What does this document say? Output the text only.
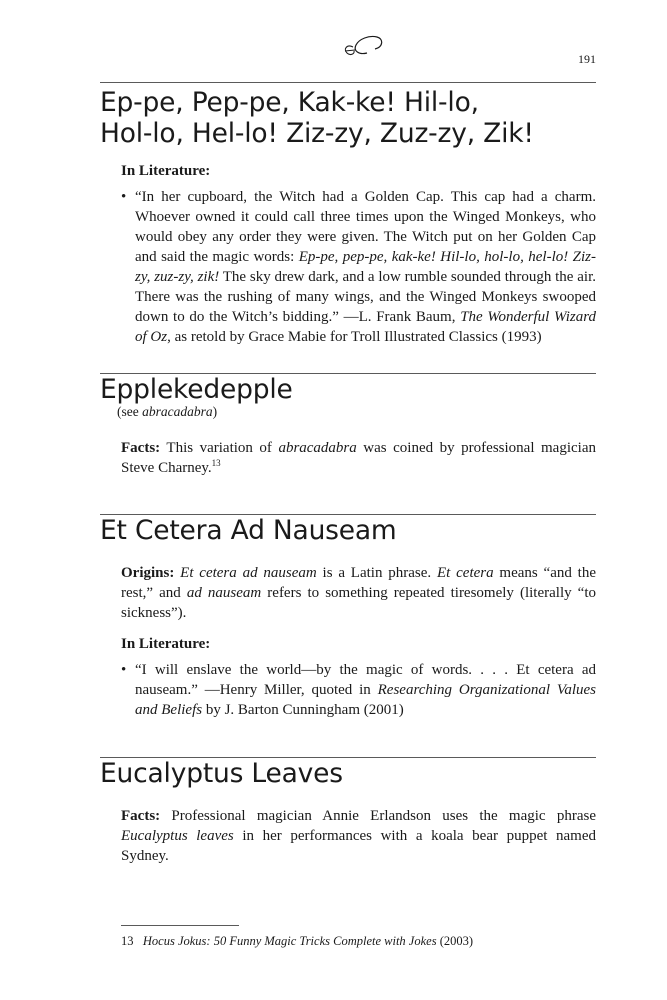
191
Ep-pe, Pep-pe, Kak-ke! Hil-lo,
Hol-lo, Hel-lo! Ziz-zy, Zuz-zy, Zik!
In Literature:
• “In her cupboard, the Witch had a Golden Cap. This cap had a charm. Whoever owned it could call three times upon the Winged Monkeys, who would obey any order they were given. The Witch put on her Golden Cap and said the magic words: Ep-pe, pep-pe, kak-ke! Hil-lo, hol-lo, hel-lo! Ziz-zy, zuz-zy, zik! The sky drew dark, and a low rumble sounded through the air. There was the rushing of many wings, and the Winged Monkeys swooped down to do the Witch’s bidding.” —L. Frank Baum, The Wonderful Wizard of Oz, as retold by Grace Mabie for Troll Illustrated Classics (1993)
Epplekedepple
(see abracadabra)
Facts: This variation of abracadabra was coined by professional magician Steve Charney.$^{13}$
Et Cetera Ad Nauseam
Origins: Et cetera ad nauseam is a Latin phrase. Et cetera means “and the rest,” and ad nauseam refers to something repeated tiresomely (literally “to sickness”).
In Literature:
• “I will enslave the world—by the magic of words. . . . Et cetera ad nauseam.” —Henry Miller, quoted in Researching Organizational Values and Beliefs by J. Barton Cunningham (2001)
Eucalyptus Leaves
Facts: Professional magician Annie Erlandson uses the magic phrase Eucalyptus leaves in her performances with a koala bear puppet named Sydney.
13 Hocus Jokus: 50 Funny Magic Tricks Complete with Jokes (2003)
